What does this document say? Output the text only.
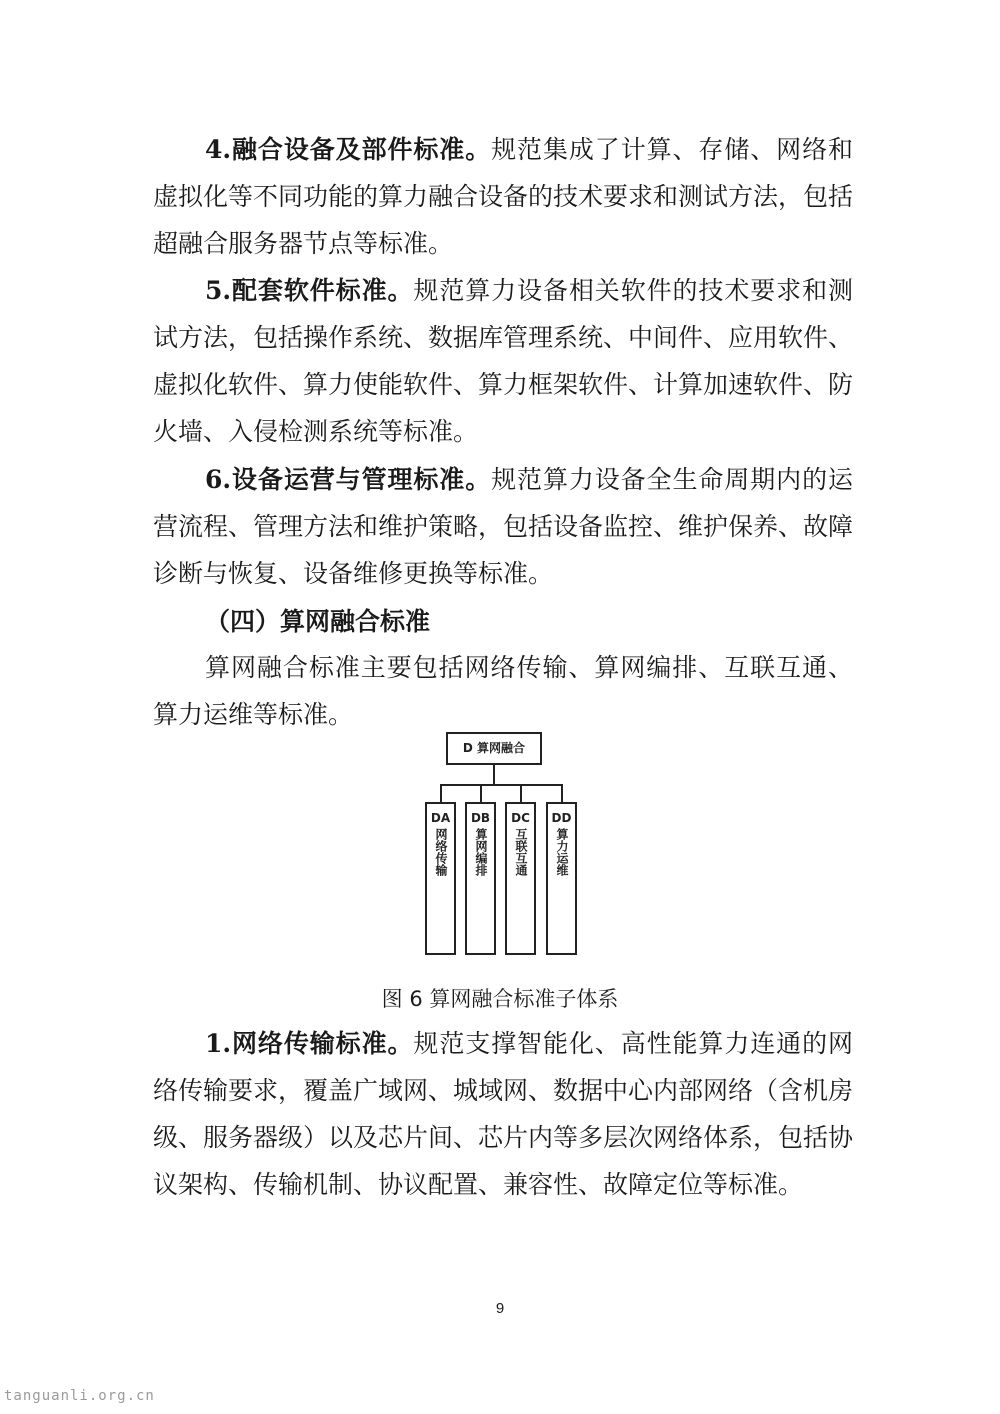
4.融合设备及部件标准。规范集成了计算、存储、网络和虚拟化等不同功能的算力融合设备的技术要求和测试方法，包括超融合服务器节点等标准。

5.配套软件标准。规范算力设备相关软件的技术要求和测试方法，包括操作系统、数据库管理系统、中间件、应用软件、虚拟化软件、算力使能软件、算力框架软件、计算加速软件、防火墙、入侵检测系统等标准。

6.设备运营与管理标准。规范算力设备全生命周期内的运营流程、管理方法和维护策略，包括设备监控、维护保养、故障诊断与恢复、设备维修更换等标准。

（四）算网融合标准

算网融合标准主要包括网络传输、算网编排、互联互通、算力运维等标准。

D 算网融合
DA
网络传输
DB
算网编排
DC
互联互通
DD
算力运维
图 6 算网融合标准子体系

1.网络传输标准。规范支撑智能化、高性能算力连通的网络传输要求，覆盖广域网、城域网、数据中心内部网络（含机房级、服务器级）以及芯片间、芯片内等多层次网络体系，包括协议架构、传输机制、协议配置、兼容性、故障定位等标准。

9
tanguanli.org.cn
